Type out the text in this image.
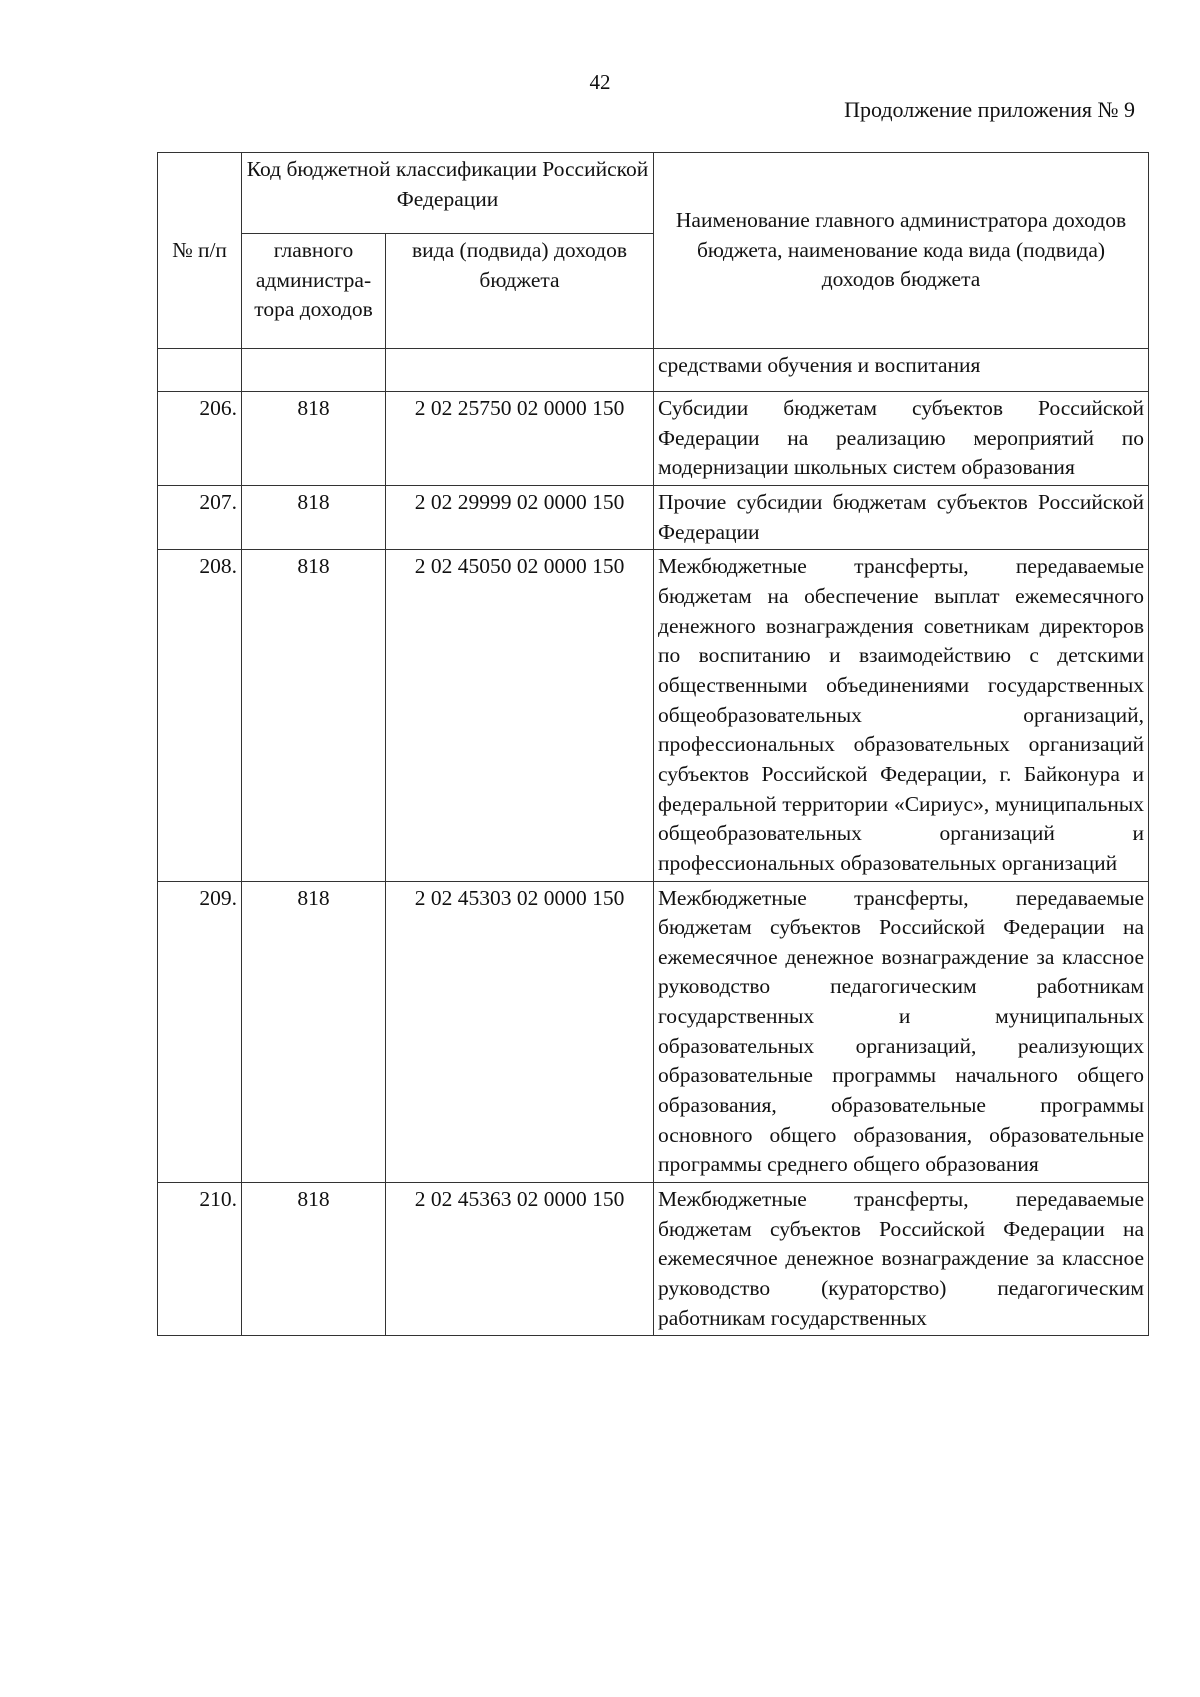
42
Продолжение приложения № 9
№ п/п	Код бюджетной классификации Российской Федерации		Наименование главного администратора доходов бюджета, наименование кода вида (подвида) доходов бюджета
	главного администра-тора доходов	вида (подвида) доходов бюджета	
			средствами обучения и воспитания
206.	818	2 02 25750 02 0000 150	Субсидии бюджетам субъектов Российской Федерации на реализацию мероприятий по модернизации школьных систем образования
207.	818	2 02 29999 02 0000 150	Прочие субсидии бюджетам субъектов Российской Федерации
208.	818	2 02 45050 02 0000 150	Межбюджетные трансферты, передаваемые бюджетам на обеспечение выплат ежемесячного денежного вознаграждения советникам директоров по воспитанию и взаимодействию с детскими общественными объединениями государственных общеобразовательных организаций, профессиональных образовательных организаций субъектов Российской Федерации, г. Байконура и федеральной территории «Сириус», муниципальных общеобразовательных организаций и профессиональных образовательных организаций
209.	818	2 02 45303 02 0000 150	Межбюджетные трансферты, передаваемые бюджетам субъектов Российской Федерации на ежемесячное денежное вознаграждение за классное руководство педагогическим работникам государственных и муниципальных образовательных организаций, реализующих образовательные программы начального общего образования, образовательные программы основного общего образования, образовательные программы среднего общего образования
210.	818	2 02 45363 02 0000 150	Межбюджетные трансферты, передаваемые бюджетам субъектов Российской Федерации на ежемесячное денежное вознаграждение за классное руководство (кураторство) педагогическим работникам государственных
